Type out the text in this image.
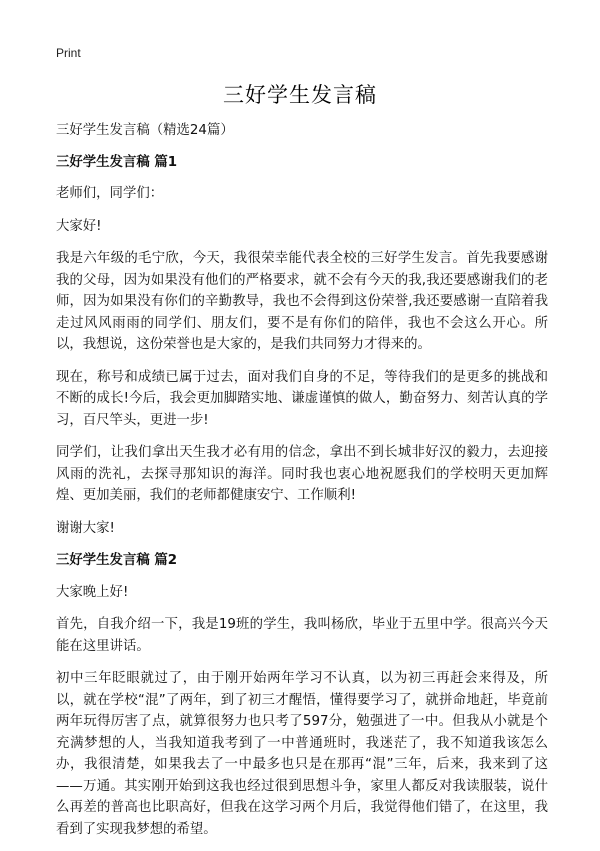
Print
三好学生发言稿

三好学生发言稿（精选24篇）

三好学生发言稿 篇1

老师们，同学们：

大家好!

我是六年级的毛宁欣，今天，我很荣幸能代表全校的三好学生发言。首先我要感谢我的父母，因为如果没有他们的严格要求，就不会有今天的我,我还要感谢我们的老师，因为如果没有你们的辛勤教导，我也不会得到这份荣誉,我还要感谢一直陪着我走过风风雨雨的同学们、朋友们，要不是有你们的陪伴，我也不会这么开心。所以，我想说，这份荣誉也是大家的，是我们共同努力才得来的。

现在，称号和成绩已属于过去，面对我们自身的不足，等待我们的是更多的挑战和不断的成长!今后，我会更加脚踏实地、谦虚谨慎的做人，勤奋努力、刻苦认真的学习，百尺竿头，更进一步!

同学们，让我们拿出天生我才必有用的信念，拿出不到长城非好汉的毅力，去迎接风雨的洗礼，去探寻那知识的海洋。同时我也衷心地祝愿我们的学校明天更加辉煌、更加美丽，我们的老师都健康安宁、工作顺利!

谢谢大家!

三好学生发言稿 篇2

大家晚上好!

首先，自我介绍一下，我是19班的学生，我叫杨欣，毕业于五里中学。很高兴今天能在这里讲话。

初中三年眨眼就过了，由于刚开始两年学习不认真，以为初三再赶会来得及，所以，就在学校“混”了两年，到了初三才醒悟，懂得要学习了，就拼命地赶，毕竟前两年玩得厉害了点，就算很努力也只考了597分，勉强进了一中。但我从小就是个充满梦想的人，当我知道我考到了一中普通班时，我迷茫了，我不知道我该怎么办，我很清楚，如果我去了一中最多也只是在那再“混”三年，后来，我来到了这——万通。其实刚开始到这我也经过很到思想斗争，家里人都反对我读服装，说什么再差的普高也比职高好，但我在这学习两个月后，我觉得他们错了，在这里，我看到了实现我梦想的希望。
